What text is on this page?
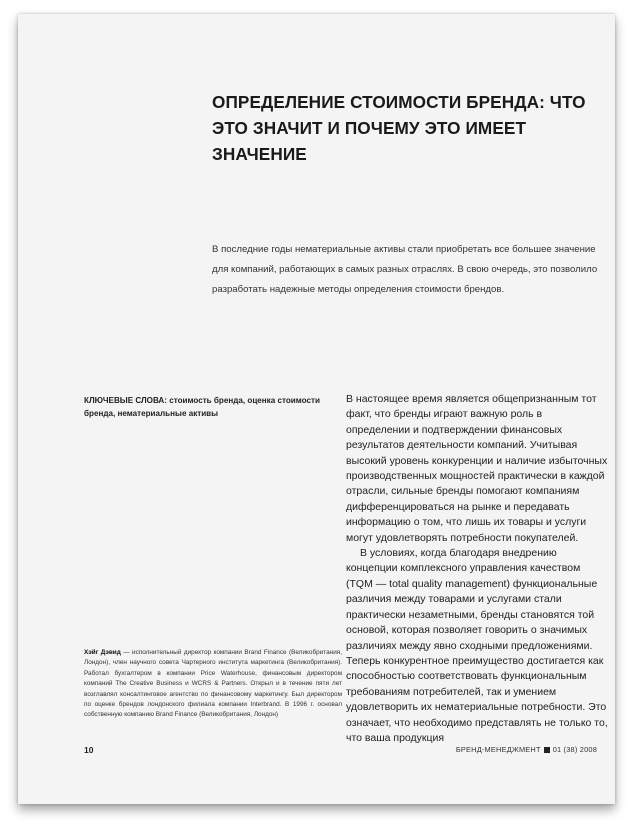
ОПРЕДЕЛЕНИЕ СТОИМОСТИ БРЕНДА: ЧТО ЭТО ЗНАЧИТ И ПОЧЕМУ ЭТО ИМЕЕТ ЗНАЧЕНИЕ
В последние годы нематериальные активы стали приобретать все большее значение для компаний, работающих в самых разных отраслях. В свою очередь, это позволило разработать надежные методы определения стоимости брендов.
КЛЮЧЕВЫЕ СЛОВА: стоимость бренда, оценка стоимости бренда, нематериальные активы
Хэйг Дэвид — исполнительный директор компании Brand Finance (Великобритания, Лондон), член научного совета Чартерного института маркетинга (Великобритания). Работал бухгалтером в компании Price Waterhouse, финансовым директором компаний The Creative Business и WCRS & Partners. Открыл и в течение пяти лет возглавлял консалтинговое агентство по финансовому маркетингу. Был директором по оценке брендов лондонского филиала компании Interbrand. В 1996 г. основал собственную компанию Brand Finance (Великобритания, Лондон)

В настоящее время является общепризнанным тот факт, что бренды играют важную роль в определении и подтверждении финансовых результатов деятельности компаний. Учитывая высокий уровень конкуренции и наличие избыточных производственных мощностей практически в каждой отрасли, сильные бренды помогают компаниям дифференцироваться на рынке и передавать информацию о том, что лишь их товары и услуги могут удовлетворять потребности покупателей.

В условиях, когда благодаря внедрению концепции комплексного управления качеством (TQM — total quality management) функциональные различия между товарами и услугами стали практически незаметными, бренды становятся той основой, которая позволяет говорить о значимых различиях между явно сходными предложениями. Теперь конкурентное преимущество достигается как способностью соответствовать функциональным требованиям потребителей, так и умением удовлетворить их нематериальные потребности. Это означает, что необходимо представлять не только то, что ваша продукция

10	БРЕНД-МЕНЕДЖМЕНТ 01 (38) 2008
